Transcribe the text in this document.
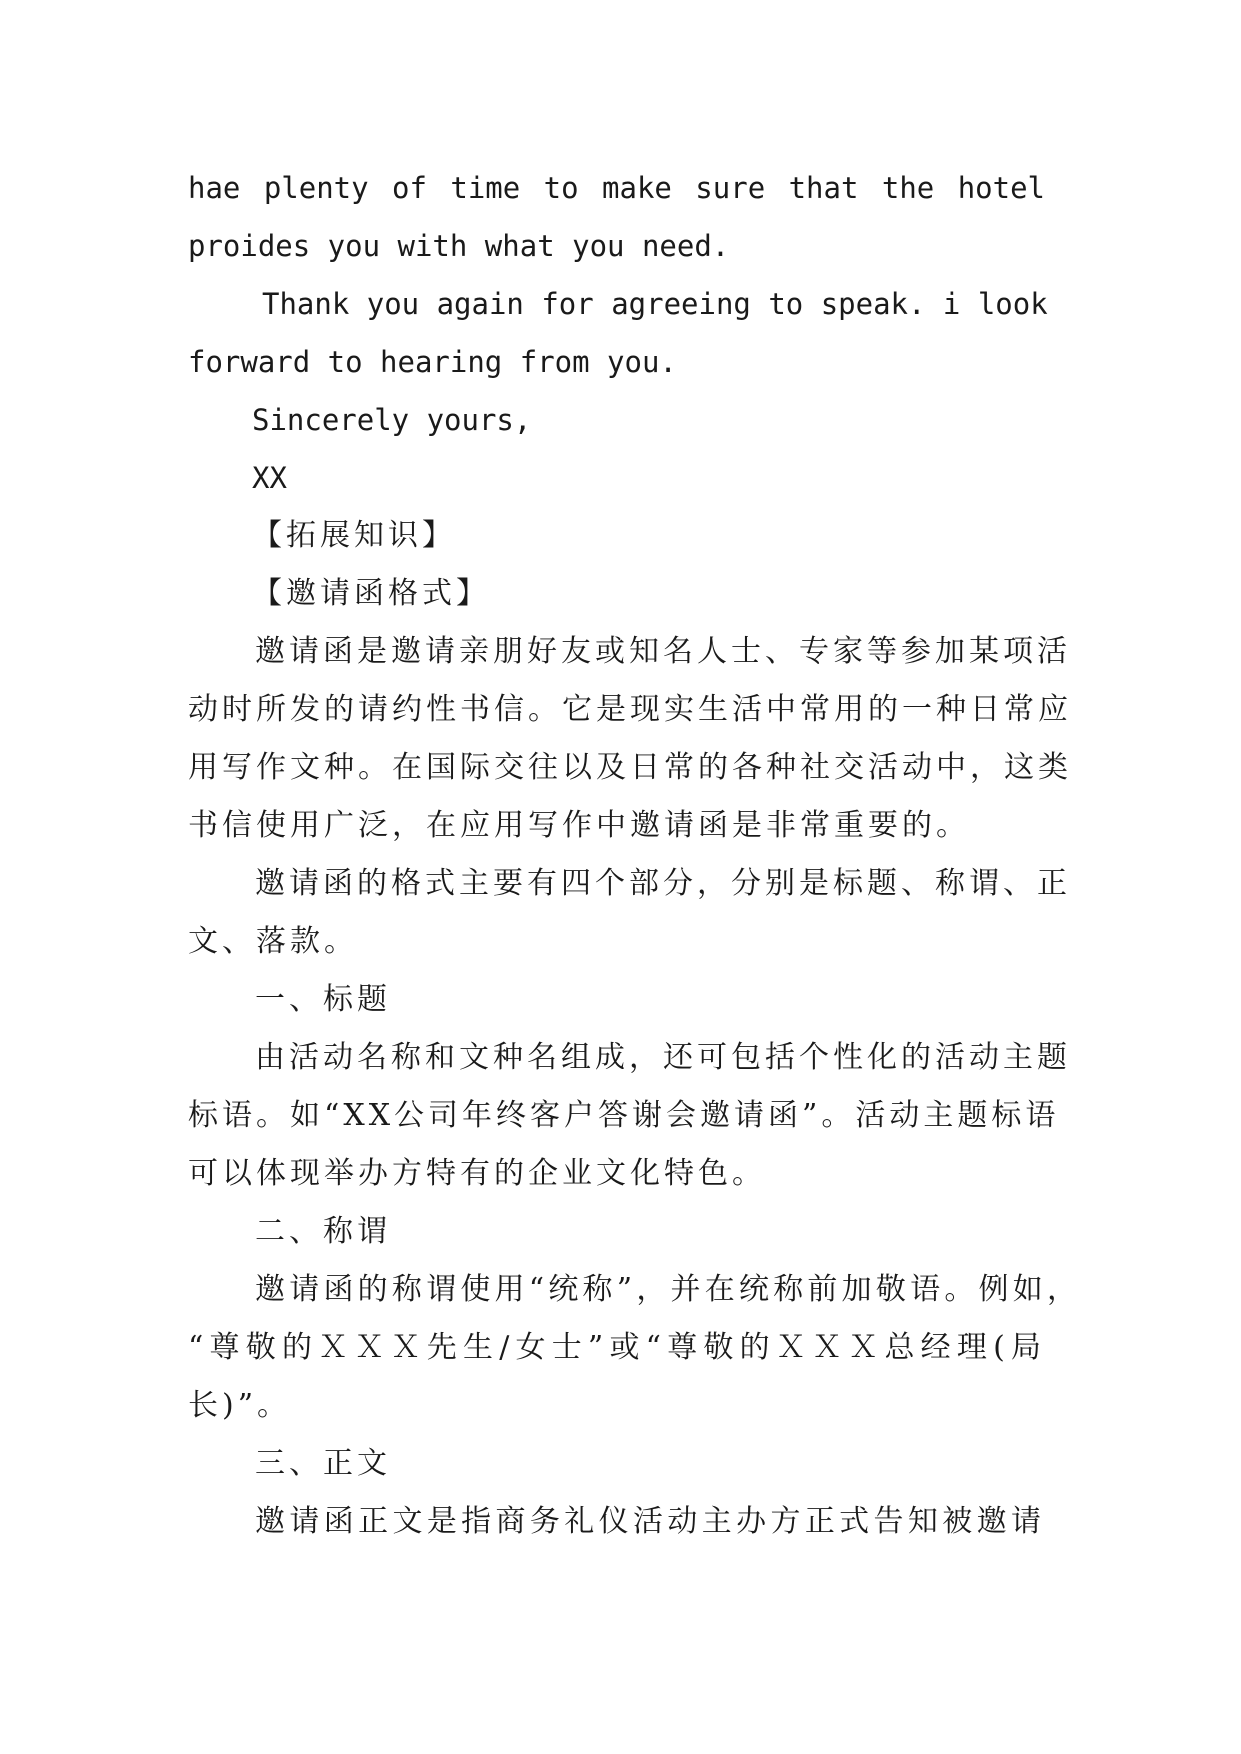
hae plenty of time to make sure that the hotel
proides you with what you need.
Thank you again for agreeing to speak. i look
forward to hearing from you.
Sincerely yours,
XX
【拓展知识】
【邀请函格式】
邀请函是邀请亲朋好友或知名人士、专家等参加某项活
动时所发的请约性书信。它是现实生活中常用的一种日常应
用写作文种。在国际交往以及日常的各种社交活动中，这类
书信使用广泛，在应用写作中邀请函是非常重要的。
邀请函的格式主要有四个部分，分别是标题、称谓、正
文、落款。
一、标题
由活动名称和文种名组成，还可包括个性化的活动主题
标语。如“XX公司年终客户答谢会邀请函”。活动主题标语
可以体现举办方特有的企业文化特色。
二、称谓
邀请函的称谓使用“统称”，并在统称前加敬语。例如，
“尊敬的ＸＸＸ先生/女士”或“尊敬的ＸＸＸ总经理(局
长)”。
三、正文
邀请函正文是指商务礼仪活动主办方正式告知被邀请
